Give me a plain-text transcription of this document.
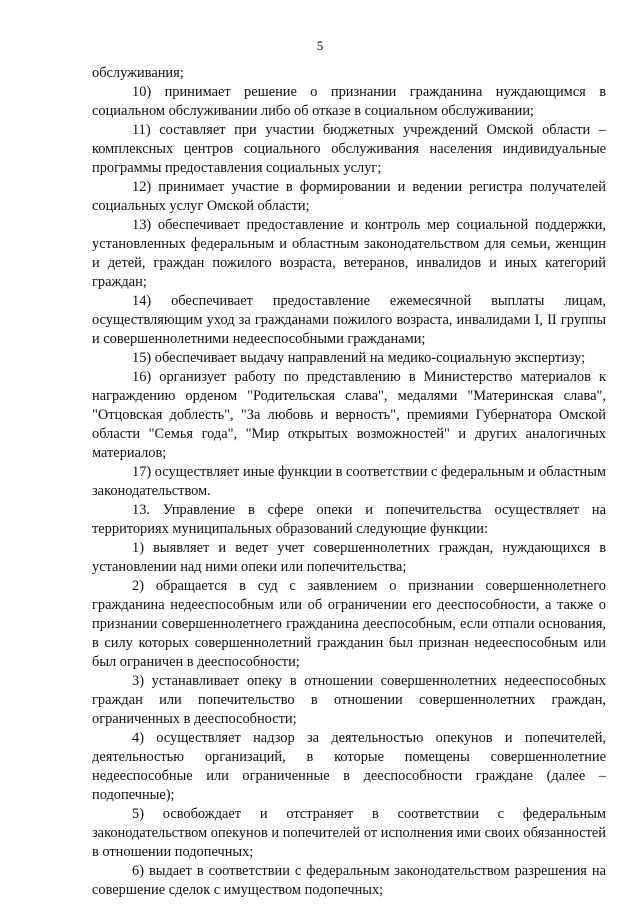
5

обслуживания;

10) принимает решение о признании гражданина нуждающимся в социальном обслуживании либо об отказе в социальном обслуживании;

11) составляет при участии бюджетных учреждений Омской области – комплексных центров социального обслуживания населения индивидуальные программы предоставления социальных услуг;

12) принимает участие в формировании и ведении регистра получателей социальных услуг Омской области;

13) обеспечивает предоставление и контроль мер социальной поддержки, установленных федеральным и областным законодательством для семьи, женщин и детей, граждан пожилого возраста, ветеранов, инвалидов и иных категорий граждан;

14) обеспечивает предоставление ежемесячной выплаты лицам, осуществляющим уход за гражданами пожилого возраста, инвалидами I, II группы и совершеннолетними недееспособными гражданами;

15) обеспечивает выдачу направлений на медико-социальную экспертизу;

16) организует работу по представлению в Министерство материалов к награждению орденом "Родительская слава", медалями "Материнская слава", "Отцовская доблесть", "За любовь и верность", премиями Губернатора Омской области "Семья года", "Мир открытых возможностей" и других аналогичных материалов;

17) осуществляет иные функции в соответствии с федеральным и областным законодательством.

13. Управление в сфере опеки и попечительства осуществляет на территориях муниципальных образований следующие функции:

1) выявляет и ведет учет совершеннолетних граждан, нуждающихся в установлении над ними опеки или попечительства;

2) обращается в суд с заявлением о признании совершеннолетнего гражданина недееспособным или об ограничении его дееспособности, а также о признании совершеннолетнего гражданина дееспособным, если отпали основания, в силу которых совершеннолетний гражданин был признан недееспособным или был ограничен в дееспособности;

3) устанавливает опеку в отношении совершеннолетних недееспособных граждан или попечительство в отношении совершеннолетних граждан, ограниченных в дееспособности;

4) осуществляет надзор за деятельностью опекунов и попечителей, деятельностью организаций, в которые помещены совершеннолетние недееспособные или ограниченные в дееспособности граждане (далее – подопечные);

5) освобождает и отстраняет в соответствии с федеральным законодательством опекунов и попечителей от исполнения ими своих обязанностей в отношении подопечных;

6) выдает в соответствии с федеральным законодательством разрешения на совершение сделок с имуществом подопечных;
